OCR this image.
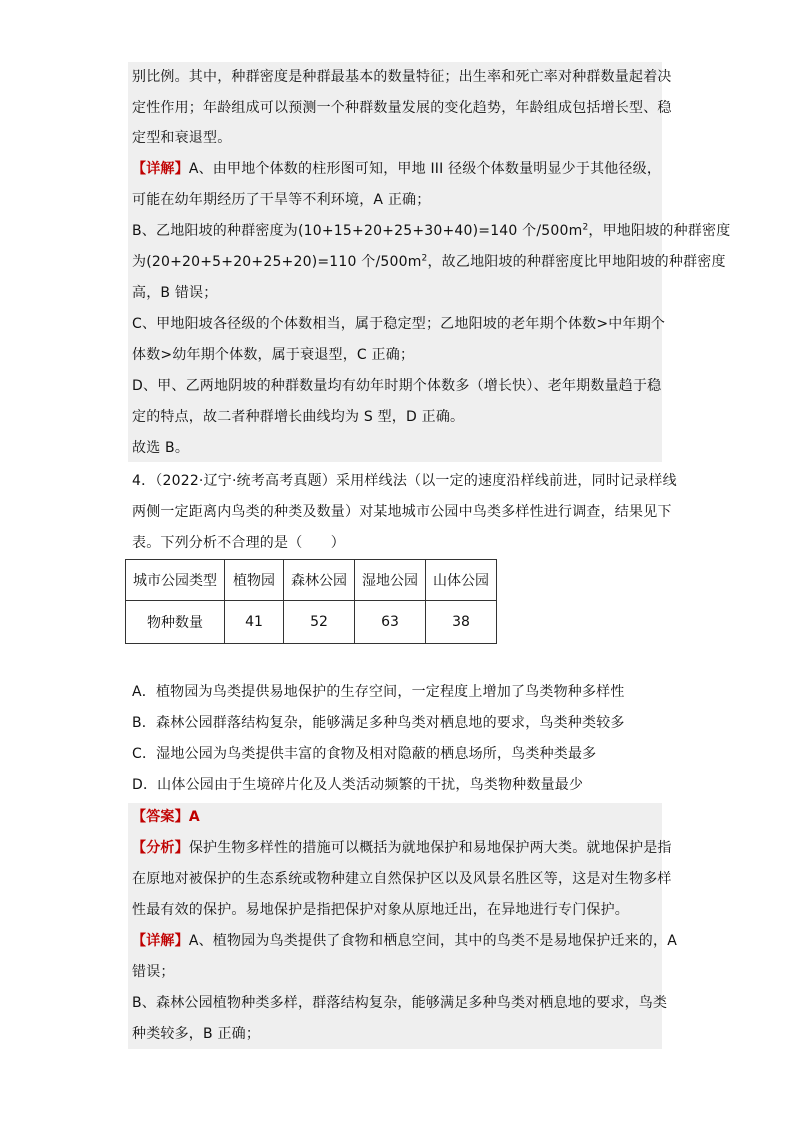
别比例。其中，种群密度是种群最基本的数量特征；出生率和死亡率对种群数量起着决
定性作用；年龄组成可以预测一个种群数量发展的变化趋势，年龄组成包括增长型、稳
定型和衰退型。
【详解】A、由甲地个体数的柱形图可知，甲地 III 径级个体数量明显少于其他径级，
可能在幼年期经历了干旱等不利环境，A 正确；
B、乙地阳坡的种群密度为(10+15+20+25+30+40)=140 个$/500m^2$，甲地阳坡的种群密度
为(20+20+5+20+25+20)=110 个$/500m^2$，故乙地阳坡的种群密度比甲地阳坡的种群密度
高，B 错误；
C、甲地阳坡各径级的个体数相当，属于稳定型；乙地阳坡的老年期个体数>中年期个
体数>幼年期个体数，属于衰退型，C 正确；
D、甲、乙两地阴坡的种群数量均有幼年时期个体数多（增长快）、老年期数量趋于稳
定的特点，故二者种群增长曲线均为 S 型，D 正确。
故选 B。
4．（2022·辽宁·统考高考真题）采用样线法（以一定的速度沿样线前进，同时记录样线
两侧一定距离内鸟类的种类及数量）对某地城市公园中鸟类多样性进行调查，结果见下
表。下列分析不合理的是（　　）
城市公园类型	植物园	森林公园	湿地公园	山体公园
物种数量	41	52	63	38
A．植物园为鸟类提供易地保护的生存空间，一定程度上增加了鸟类物种多样性
B．森林公园群落结构复杂，能够满足多种鸟类对栖息地的要求，鸟类种类较多
C．湿地公园为鸟类提供丰富的食物及相对隐蔽的栖息场所，鸟类种类最多
D．山体公园由于生境碎片化及人类活动频繁的干扰，鸟类物种数量最少
【答案】A
【分析】保护生物多样性的措施可以概括为就地保护和易地保护两大类。就地保护是指
在原地对被保护的生态系统或物种建立自然保护区以及风景名胜区等，这是对生物多样
性最有效的保护。易地保护是指把保护对象从原地迁出，在异地进行专门保护。
【详解】A、植物园为鸟类提供了食物和栖息空间，其中的鸟类不是易地保护迁来的，A
错误；
B、森林公园植物种类多样，群落结构复杂，能够满足多种鸟类对栖息地的要求，鸟类
种类较多，B 正确；
